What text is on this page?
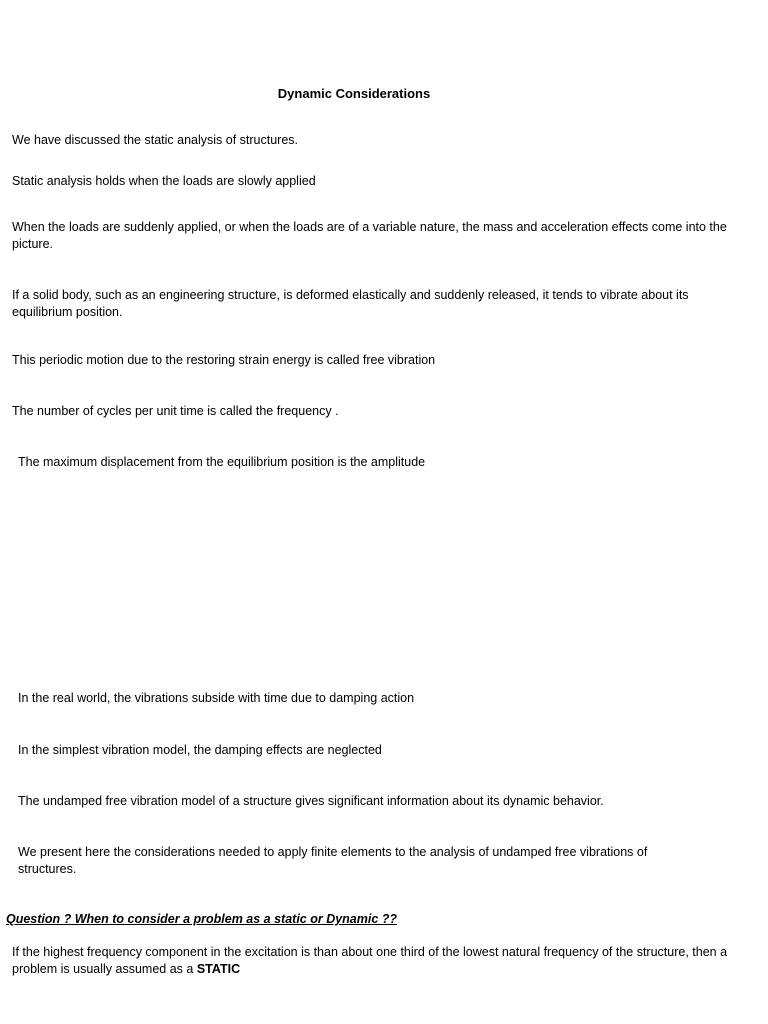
Dynamic Considerations

We have discussed the static analysis of structures.

Static analysis holds when the loads are slowly applied

When the loads are suddenly applied, or when the loads are of a variable nature, the mass and acceleration effects come into the picture.

If a solid body, such as an engineering structure, is deformed elastically and suddenly released, it tends to vibrate about its equilibrium position.

This periodic motion due to the restoring strain energy is called free vibration

The number of cycles per unit time is called the frequency .

The maximum displacement from the equilibrium position is the amplitude

In the real world, the vibrations subside with time due to damping action

In the simplest vibration model, the damping effects are neglected

The undamped free vibration model of a structure gives significant information about its dynamic behavior.

We present here the considerations needed to apply finite elements to the analysis of undamped free vibrations of structures.

Question ? When to consider a problem as a static or Dynamic ??

If the highest frequency component in the excitation is than about one third of the lowest natural frequency of the structure, then a problem is usually assumed as a STATIC
